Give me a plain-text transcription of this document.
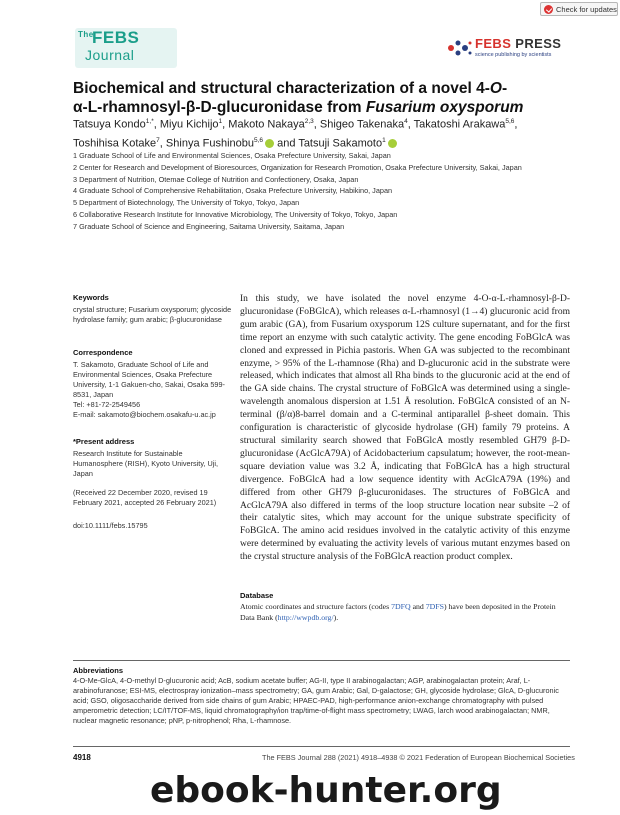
Check for updates
The
FEBS
Journal
FEBS PRESS
science publishing by scientists
Biochemical and structural characterization of a novel 4-O-
α-L-rhamnosyl-β-D-glucuronidase from Fusarium oxysporum
Tatsuya Kondo$^{1,*}$, Miyu Kichijo$^1$, Makoto Nakaya$^{2,3}$, Shigeo Takenaka$^4$, Takatoshi Arakawa$^{5,6}$,
Toshihisa Kotake$^7$, Shinya Fushinobu$^{5,6}$ and Tatsuji Sakamoto$^1$
1 Graduate School of Life and Environmental Sciences, Osaka Prefecture University, Sakai, Japan
2 Center for Research and Development of Bioresources, Organization for Research Promotion, Osaka Prefecture University, Sakai, Japan
3 Department of Nutrition, Otemae College of Nutrition and Confectionery, Osaka, Japan
4 Graduate School of Comprehensive Rehabilitation, Osaka Prefecture University, Habikino, Japan
5 Department of Biotechnology, The University of Tokyo, Tokyo, Japan
6 Collaborative Research Institute for Innovative Microbiology, The University of Tokyo, Tokyo, Japan
7 Graduate School of Science and Engineering, Saitama University, Saitama, Japan
Keywords
crystal structure; Fusarium oxysporum; glycoside hydrolase family; gum arabic; β-glucuronidase
Correspondence
T. Sakamoto, Graduate School of Life and Environmental Sciences, Osaka Prefecture University, 1-1 Gakuen-cho, Sakai, Osaka 599-8531, Japan
Tel: +81-72-2549456
E-mail: sakamoto@biochem.osakafu-u.ac.jp
*Present address
Research Institute for Sustainable Humanosphere (RISH), Kyoto University, Uji, Japan
(Received 22 December 2020, revised 19 February 2021, accepted 26 February 2021)
doi:10.1111/febs.15795
In this study, we have isolated the novel enzyme 4-O-α-L-rhamnosyl-β-D-glucuronidase (FoBGlcA), which releases α-L-rhamnosyl (1→4) glucuronic acid from gum arabic (GA), from Fusarium oxysporum 12S culture supernatant, and for the first time report an enzyme with such catalytic activity. The gene encoding FoBGlcA was cloned and expressed in Pichia pastoris. When GA was subjected to the recombinant enzyme, > 95% of the L-rhamnose (Rha) and D-glucuronic acid in the substrate were released, which indicates that almost all Rha binds to the glucuronic acid at the end of the GA side chains. The crystal structure of FoBGlcA was determined using a single-wavelength anomalous dispersion at 1.51 Å resolution. FoBGlcA consisted of an N-terminal (β/α)8-barrel domain and a C-terminal antiparallel β-sheet domain. This configuration is characteristic of glycoside hydrolase (GH) family 79 proteins. A structural similarity search showed that FoBGlcA mostly resembled GH79 β-D-glucuronidase (AcGlcA79A) of Acidobacterium capsulatum; however, the root-mean-square deviation value was 3.2 Å, indicating that FoBGlcA has a high structural divergence. FoBGlcA had a low sequence identity with AcGlcA79A (19%) and differed from other GH79 β-glucuronidases. The structures of FoBGlcA and AcGlcA79A also differed in terms of the loop structure location near subsite –2 of their catalytic sites, which may account for the unique substrate specificity of FoBGlcA. The amino acid residues involved in the catalytic activity of this enzyme were determined by evaluating the activity levels of various mutant enzymes based on the crystal structure analysis of the FoBGlcA reaction product complex.
Database
Atomic coordinates and structure factors (codes 7DFQ and 7DFS) have been deposited in the Protein Data Bank (http://wwpdb.org/).
Abbreviations
4-O-Me-GlcA, 4-O-methyl D-glucuronic acid; AcB, sodium acetate buffer; AG-II, type II arabinogalactan; AGP, arabinogalactan protein; Araf, L-arabinofuranose; ESI-MS, electrospray ionization–mass spectrometry; GA, gum Arabic; Gal, D-galactose; GH, glycoside hydrolase; GlcA, D-glucuronic acid; GSO, oligosaccharide derived from side chains of gum Arabic; HPAEC-PAD, high-performance anion-exchange chromatography with pulsed amperometric detection; LC/IT/TOF-MS, liquid chromatography/ion trap/time-of-flight mass spectrometry; LWAG, larch wood arabinogalactan; NMR, nuclear magnetic resonance; pNP, p-nitrophenol; Rha, L-rhamnose.
4918	The FEBS Journal 288 (2021) 4918–4938 © 2021 Federation of European Biochemical Societies
ebook-hunter.org
